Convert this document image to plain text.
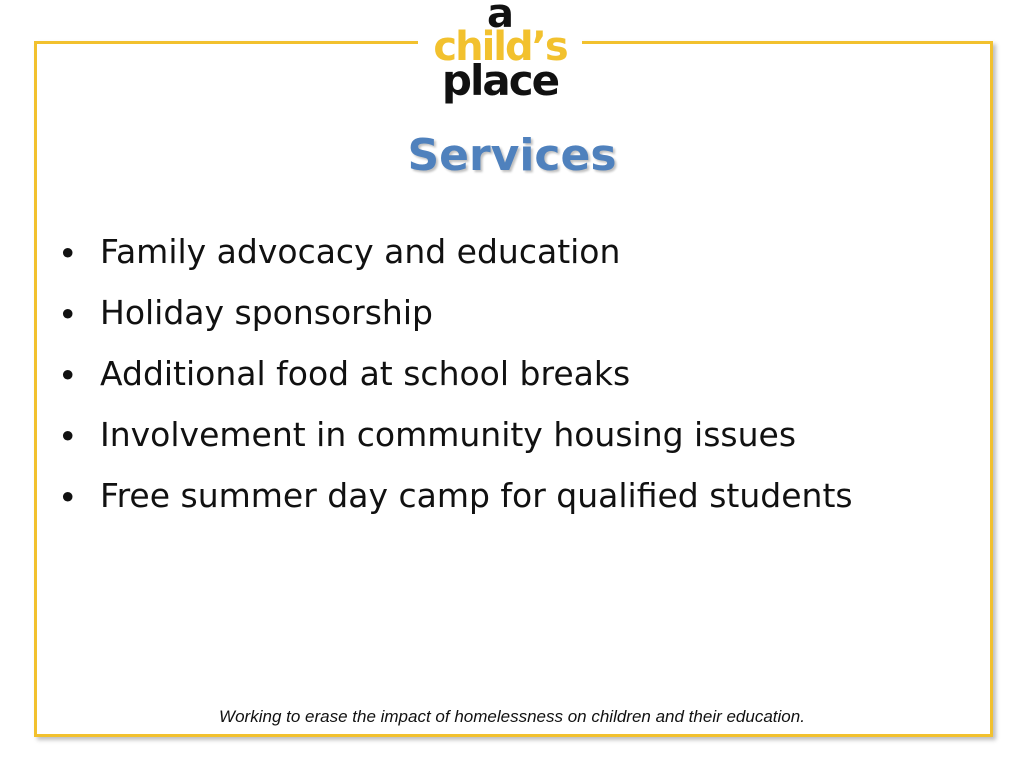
a
child’s
place
Services
• Family advocacy and education
• Holiday sponsorship
• Additional food at school breaks
• Involvement in community housing issues
• Free summer day camp for qualified students
Working to erase the impact of homelessness on children and their education.
